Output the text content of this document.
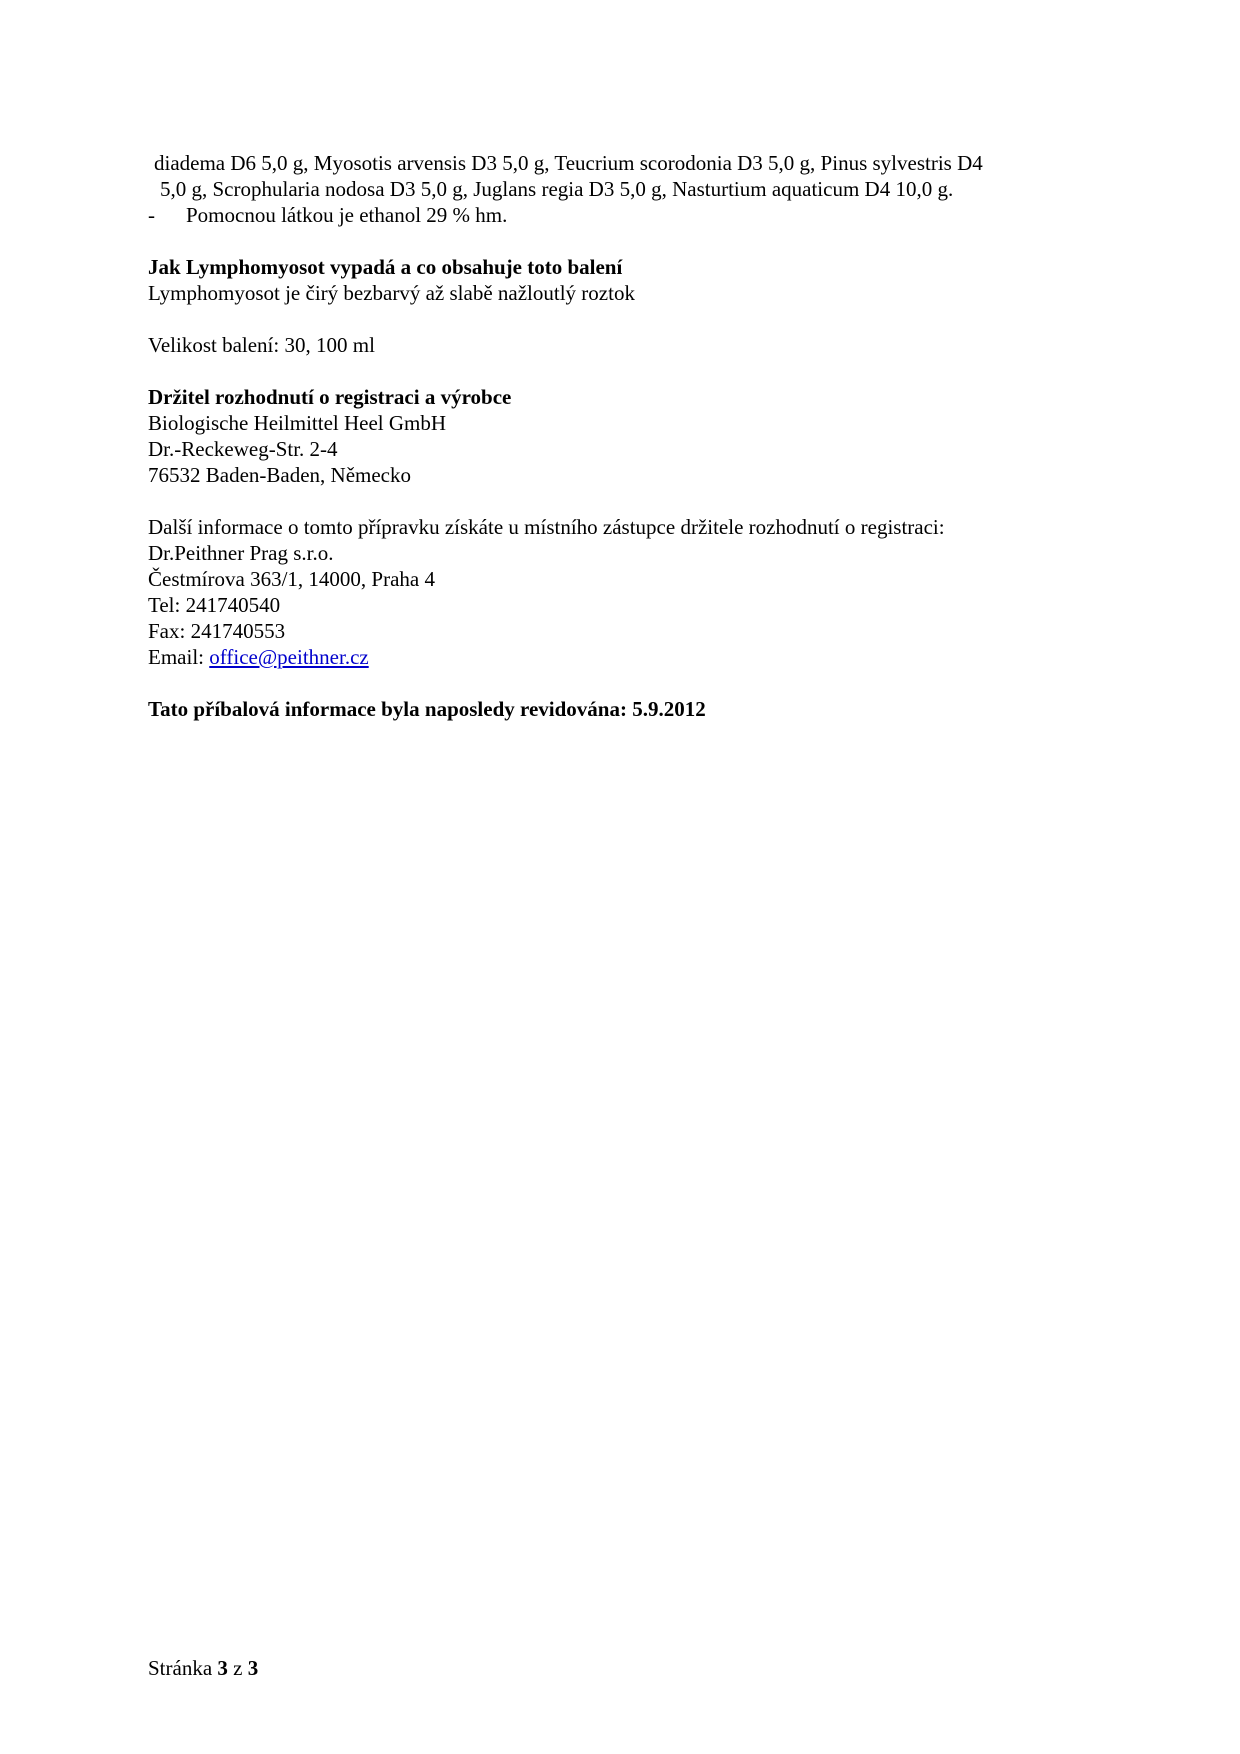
diadema D6 5,0 g, Myosotis arvensis D3 5,0 g, Teucrium scorodonia D3 5,0 g, Pinus sylvestris D4
5,0 g, Scrophularia nodosa D3 5,0 g, Juglans regia D3 5,0 g, Nasturtium aquaticum D4 10,0 g.
-	Pomocnou látkou je ethanol 29 % hm.
Jak Lymphomyosot vypadá a co obsahuje toto balení
Lymphomyosot je čirý bezbarvý až slabě nažloutlý roztok
Velikost balení: 30, 100 ml
Držitel rozhodnutí o registraci a výrobce
Biologische Heilmittel Heel GmbH
Dr.-Reckeweg-Str. 2-4
76532 Baden-Baden, Německo
Další informace o tomto přípravku získáte u místního zástupce držitele rozhodnutí o registraci:
Dr.Peithner Prag s.r.o.
Čestmírova 363/1, 14000, Praha 4
Tel: 241740540
Fax: 241740553
Email: office@peithner.cz
Tato příbalová informace byla naposledy revidována: 5.9.2012
Stránka 3 z 3
